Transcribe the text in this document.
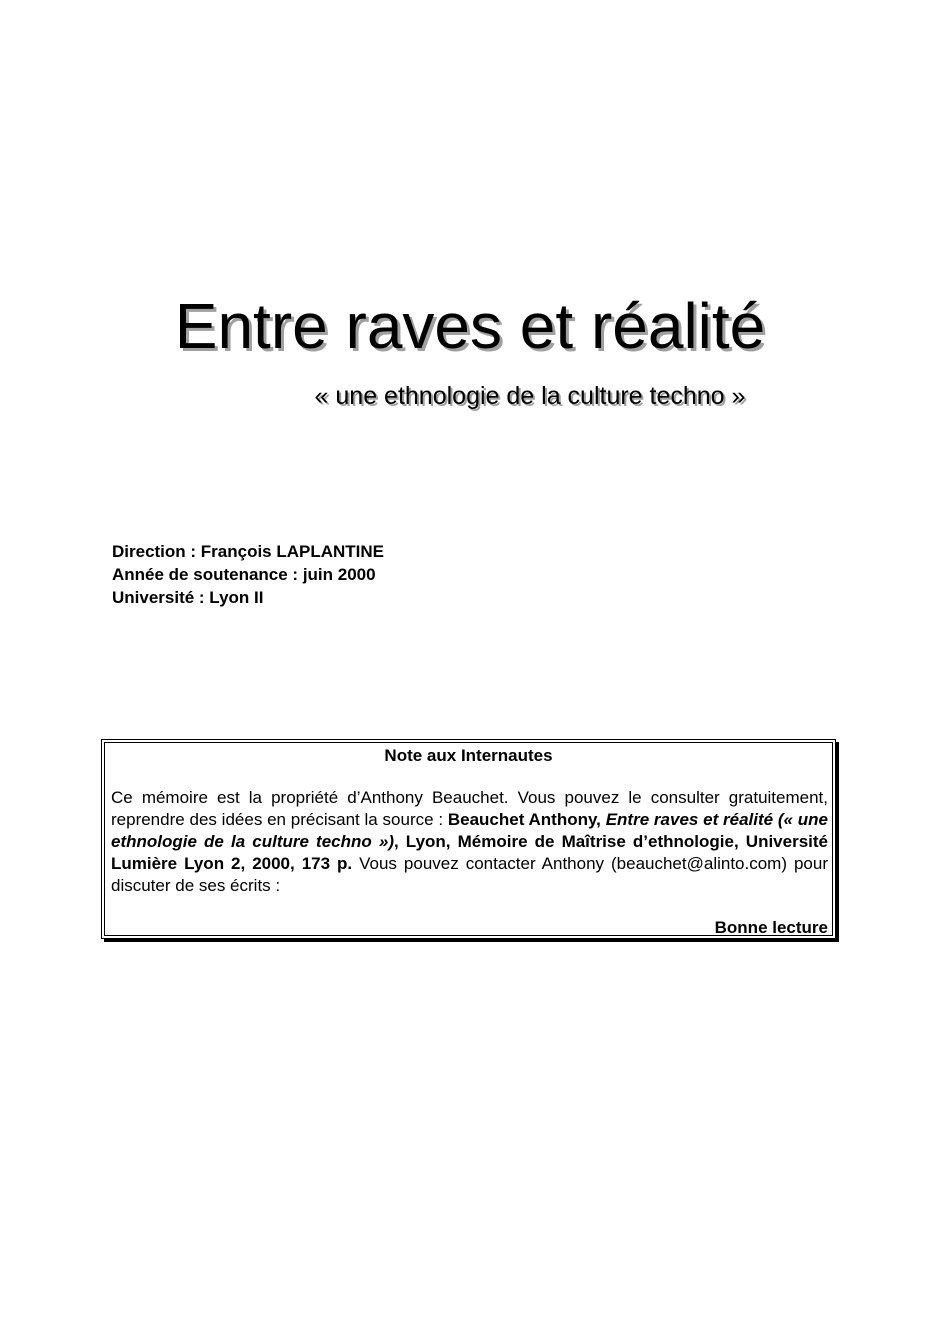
Entre raves et réalité
« une ethnologie de la culture techno »
Direction : François LAPLANTINE
Année de soutenance : juin 2000
Université : Lyon II
Note aux Internautes
Ce mémoire est la propriété d’Anthony Beauchet. Vous pouvez le consulter gratuitement, reprendre des idées en précisant la source : Beauchet Anthony, Entre raves et réalité (« une ethnologie de la culture techno »), Lyon, Mémoire de Maîtrise d’ethnologie, Université Lumière Lyon 2, 2000, 173 p. Vous pouvez contacter Anthony (beauchet@alinto.com) pour discuter de ses écrits :
Bonne lecture
